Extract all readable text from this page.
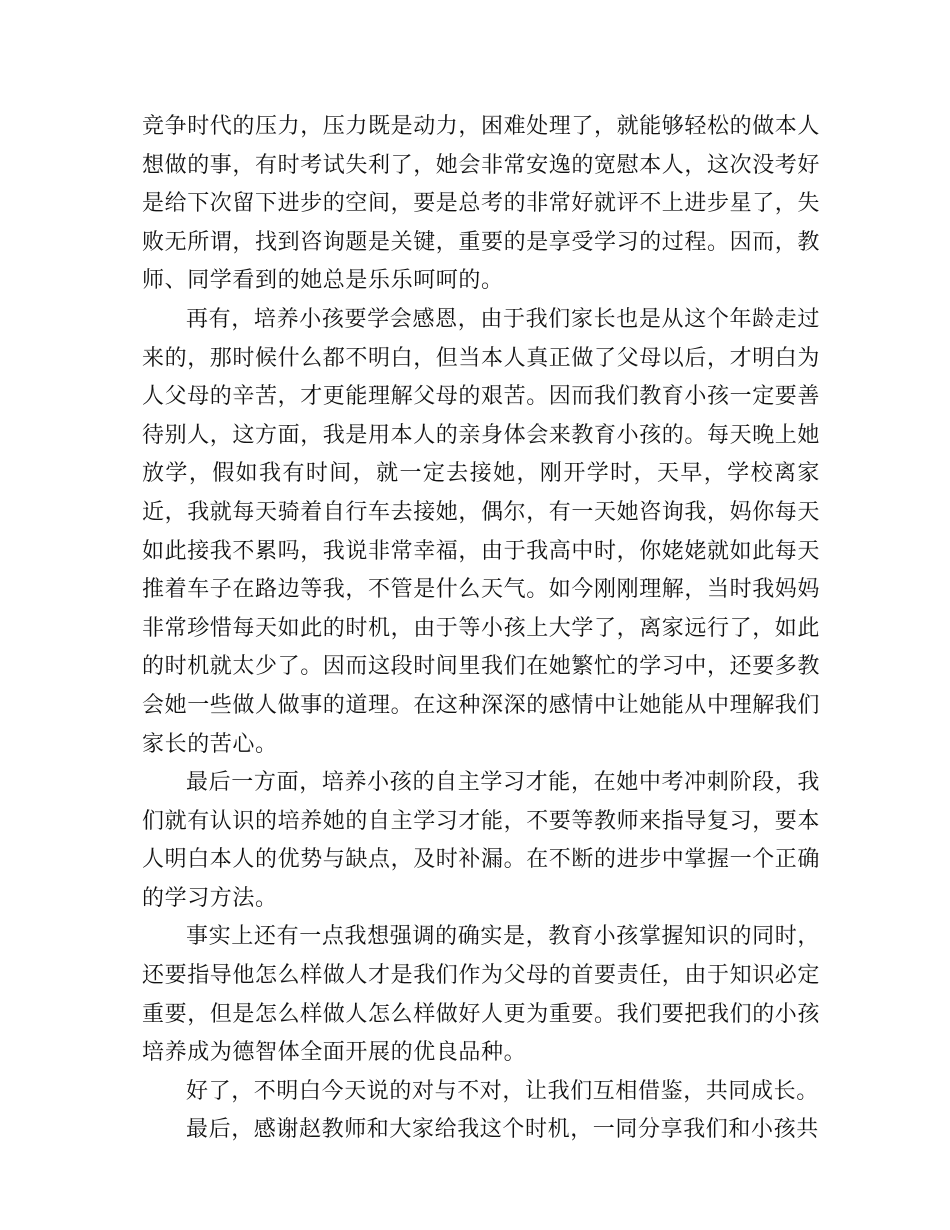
竞争时代的压力，压力既是动力，困难处理了，就能够轻松的做本人想做的事，有时考试失利了，她会非常安逸的宽慰本人，这次没考好是给下次留下进步的空间，要是总考的非常好就评不上进步星了，失败无所谓，找到咨询题是关键，重要的是享受学习的过程。因而，教师、同学看到的她总是乐乐呵呵的。

再有，培养小孩要学会感恩，由于我们家长也是从这个年龄走过来的，那时候什么都不明白，但当本人真正做了父母以后，才明白为人父母的辛苦，才更能理解父母的艰苦。因而我们教育小孩一定要善待别人，这方面，我是用本人的亲身体会来教育小孩的。每天晚上她放学，假如我有时间，就一定去接她，刚开学时，天早，学校离家近，我就每天骑着自行车去接她，偶尔，有一天她咨询我，妈你每天如此接我不累吗，我说非常幸福，由于我高中时，你姥姥就如此每天推着车子在路边等我，不管是什么天气。如今刚刚理解，当时我妈妈非常珍惜每天如此的时机，由于等小孩上大学了，离家远行了，如此的时机就太少了。因而这段时间里我们在她繁忙的学习中，还要多教会她一些做人做事的道理。在这种深深的感情中让她能从中理解我们家长的苦心。

最后一方面，培养小孩的自主学习才能，在她中考冲刺阶段，我们就有认识的培养她的自主学习才能，不要等教师来指导复习，要本人明白本人的优势与缺点，及时补漏。在不断的进步中掌握一个正确的学习方法。

事实上还有一点我想强调的确实是，教育小孩掌握知识的同时，还要指导他怎么样做人才是我们作为父母的首要责任，由于知识必定重要，但是怎么样做人怎么样做好人更为重要。我们要把我们的小孩培养成为德智体全面开展的优良品种。

好了，不明白今天说的对与不对，让我们互相借鉴，共同成长。

最后，感谢赵教师和大家给我这个时机，一同分享我们和小孩共
